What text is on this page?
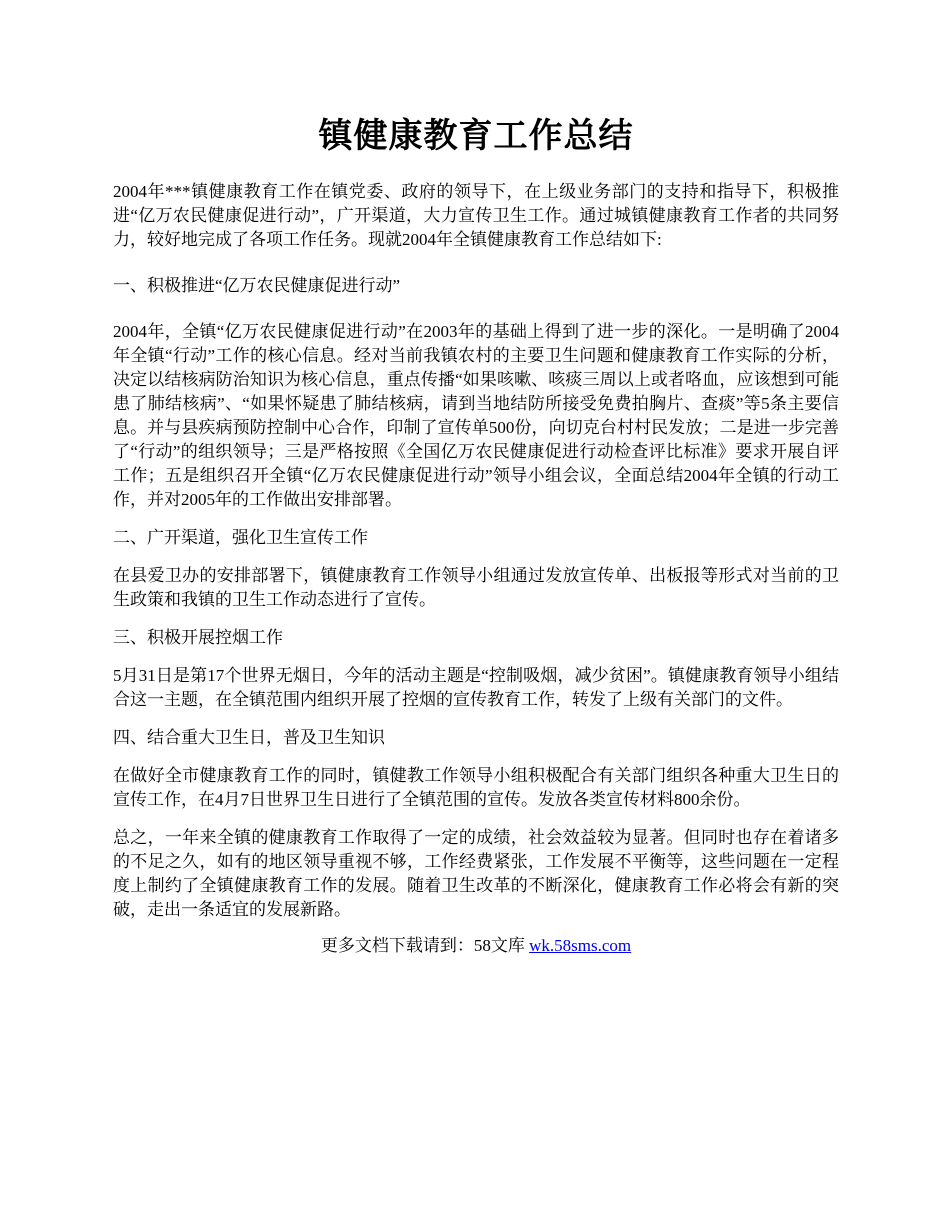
镇健康教育工作总结

2004年***镇健康教育工作在镇党委、政府的领导下，在上级业务部门的支持和指导下，积极推进“亿万农民健康促进行动”，广开渠道，大力宣传卫生工作。通过城镇健康教育工作者的共同努力，较好地完成了各项工作任务。现就2004年全镇健康教育工作总结如下:

一、积极推进“亿万农民健康促进行动”

2004年，全镇“亿万农民健康促进行动”在2003年的基础上得到了进一步的深化。一是明确了2004年全镇“行动”工作的核心信息。经对当前我镇农村的主要卫生问题和健康教育工作实际的分析，决定以结核病防治知识为核心信息，重点传播“如果咳嗽、咳痰三周以上或者咯血，应该想到可能患了肺结核病”、“如果怀疑患了肺结核病，请到当地结防所接受免费拍胸片、查痰”等5条主要信息。并与县疾病预防控制中心合作，印制了宣传单500份，向切克台村村民发放；二是进一步完善了“行动”的组织领导；三是严格按照《全国亿万农民健康促进行动检查评比标准》要求开展自评工作；五是组织召开全镇“亿万农民健康促进行动”领导小组会议，全面总结2004年全镇的行动工作，并对2005年的工作做出安排部署。

二、广开渠道，强化卫生宣传工作

在县爱卫办的安排部署下，镇健康教育工作领导小组通过发放宣传单、出板报等形式对当前的卫生政策和我镇的卫生工作动态进行了宣传。

三、积极开展控烟工作

5月31日是第17个世界无烟日，今年的活动主题是“控制吸烟，减少贫困”。镇健康教育领导小组结合这一主题，在全镇范围内组织开展了控烟的宣传教育工作，转发了上级有关部门的文件。

四、结合重大卫生日，普及卫生知识

在做好全市健康教育工作的同时，镇健教工作领导小组积极配合有关部门组织各种重大卫生日的宣传工作，在4月7日世界卫生日进行了全镇范围的宣传。发放各类宣传材料800余份。

总之，一年来全镇的健康教育工作取得了一定的成绩，社会效益较为显著。但同时也存在着诸多的不足之久，如有的地区领导重视不够，工作经费紧张，工作发展不平衡等，这些问题在一定程度上制约了全镇健康教育工作的发展。随着卫生改革的不断深化，健康教育工作必将会有新的突破，走出一条适宜的发展新路。

更多文档下载请到：58文库 wk.58sms.com
